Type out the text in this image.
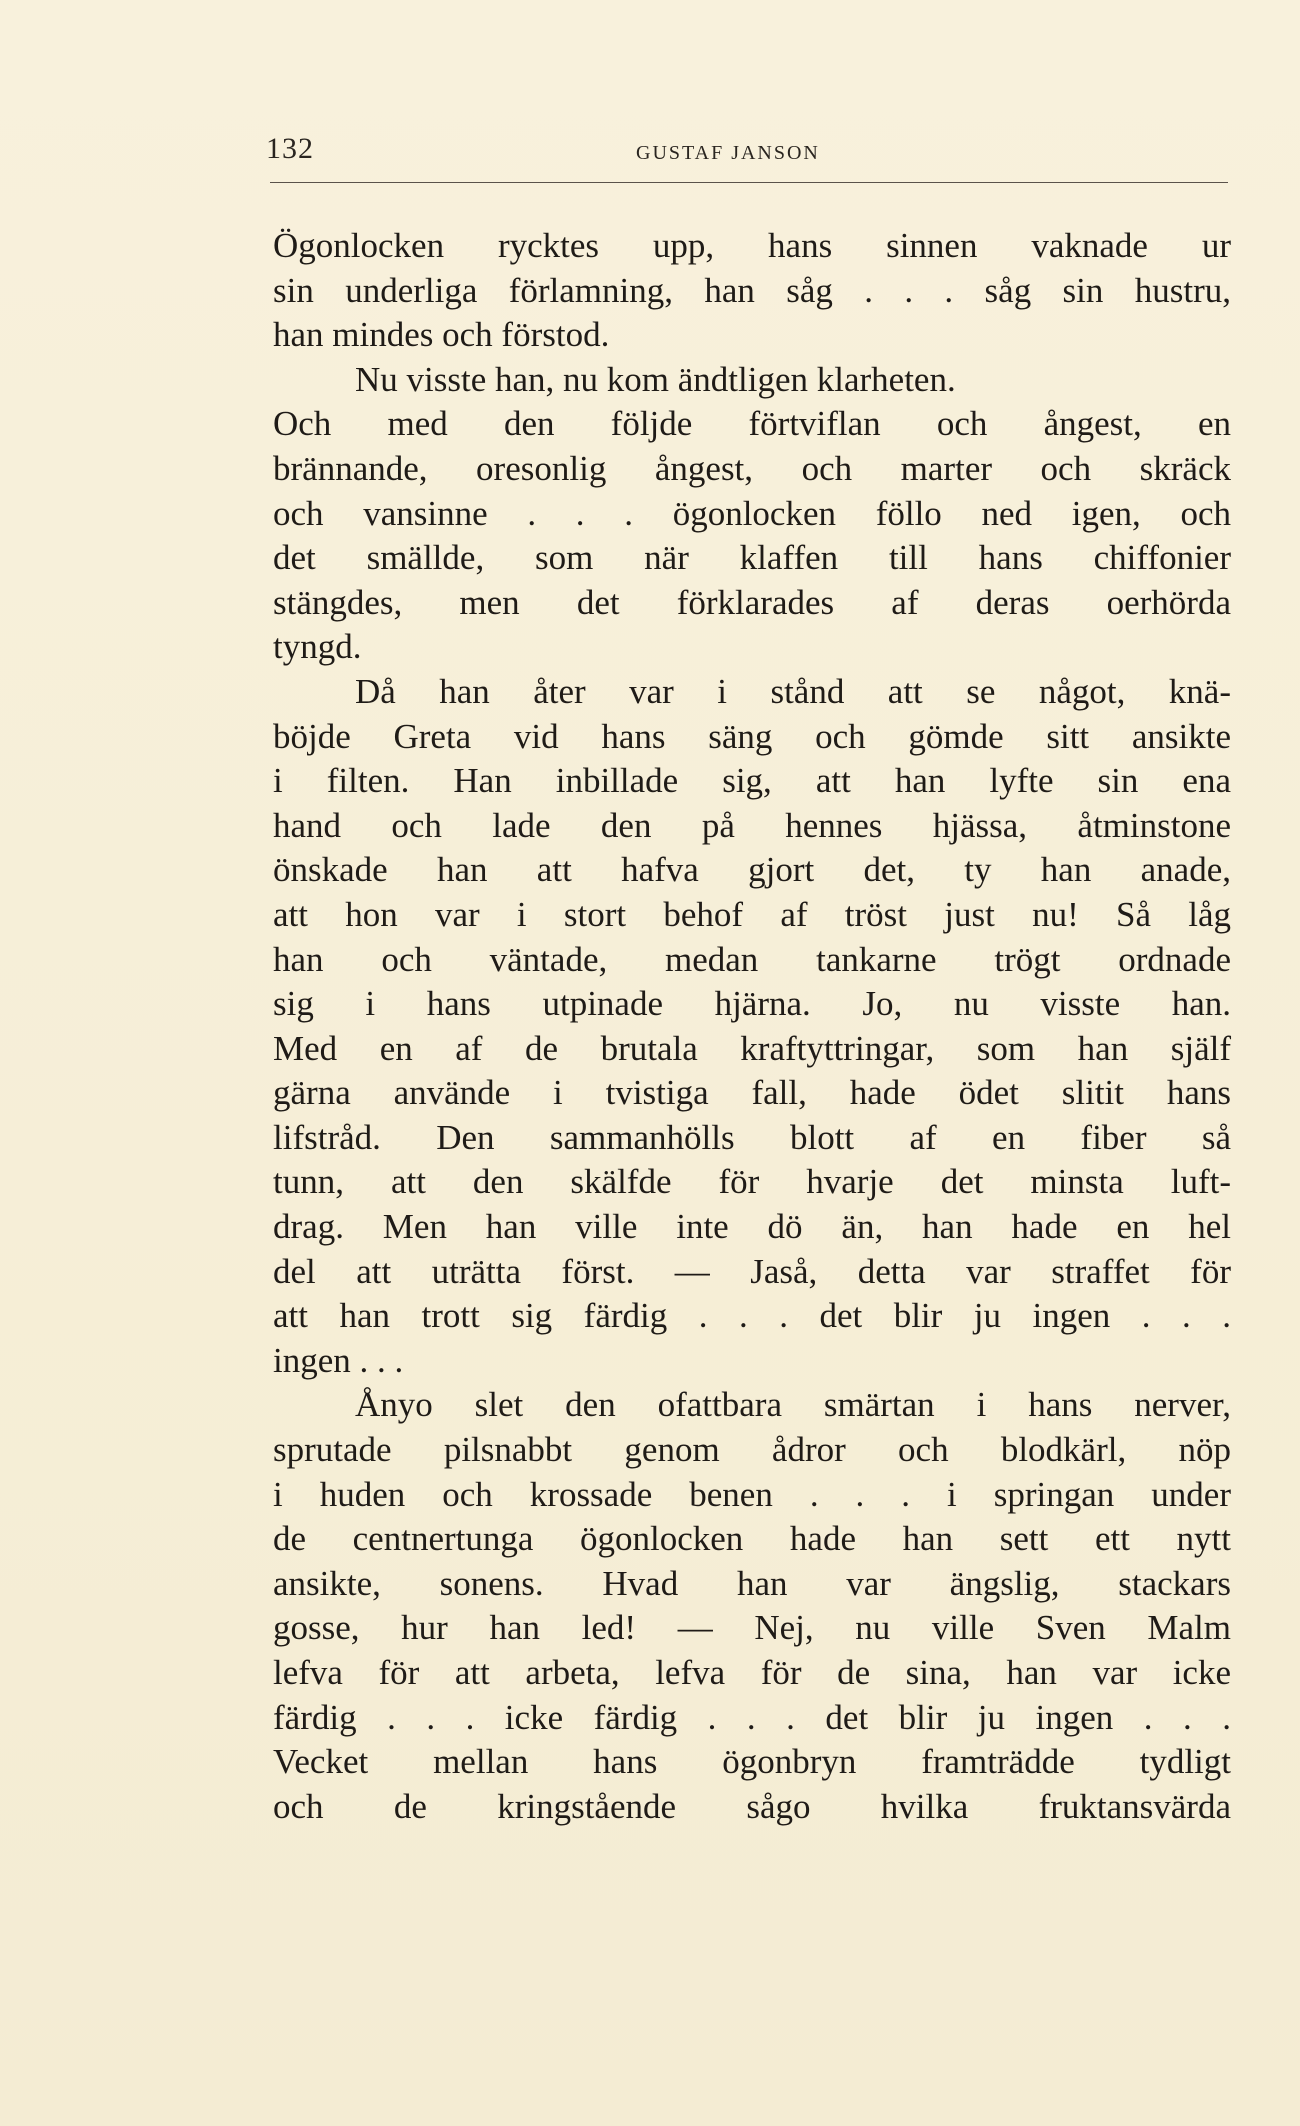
132	GUSTAF JANSON
Ögonlocken rycktes upp, hans sinnen vaknade ur
sin underliga förlamning, han såg . . . såg sin hustru,
han mindes och förstod.
Nu visste han, nu kom ändtligen klarheten.
Och med den följde förtviflan och ångest, en
brännande, oresonlig ångest, och marter och skräck
och vansinne . . . ögonlocken föllo ned igen, och
det smällde, som när klaffen till hans chiffonier
stängdes, men det förklarades af deras oerhörda
tyngd.
Då han åter var i stånd att se något, knä-
böjde Greta vid hans säng och gömde sitt ansikte
i filten. Han inbillade sig, att han lyfte sin ena
hand och lade den på hennes hjässa, åtminstone
önskade han att hafva gjort det, ty han anade,
att hon var i stort behof af tröst just nu! Så låg
han och väntade, medan tankarne trögt ordnade
sig i hans utpinade hjärna. Jo, nu visste han.
Med en af de brutala kraftyttringar, som han själf
gärna använde i tvistiga fall, hade ödet slitit hans
lifstråd. Den sammanhölls blott af en fiber så
tunn, att den skälfde för hvarje det minsta luft-
drag. Men han ville inte dö än, han hade en hel
del att uträtta först. — Jaså, detta var straffet för
att han trott sig färdig . . . det blir ju ingen . . .
ingen . . .
Ånyo slet den ofattbara smärtan i hans nerver,
sprutade pilsnabbt genom ådror och blodkärl, nöp
i huden och krossade benen . . . i springan under
de centnertunga ögonlocken hade han sett ett nytt
ansikte, sonens. Hvad han var ängslig, stackars
gosse, hur han led! — Nej, nu ville Sven Malm
lefva för att arbeta, lefva för de sina, han var icke
färdig . . . icke färdig . . . det blir ju ingen . . .
Vecket mellan hans ögonbryn framträdde tydligt
och de kringstående sågo hvilka fruktansvärda
